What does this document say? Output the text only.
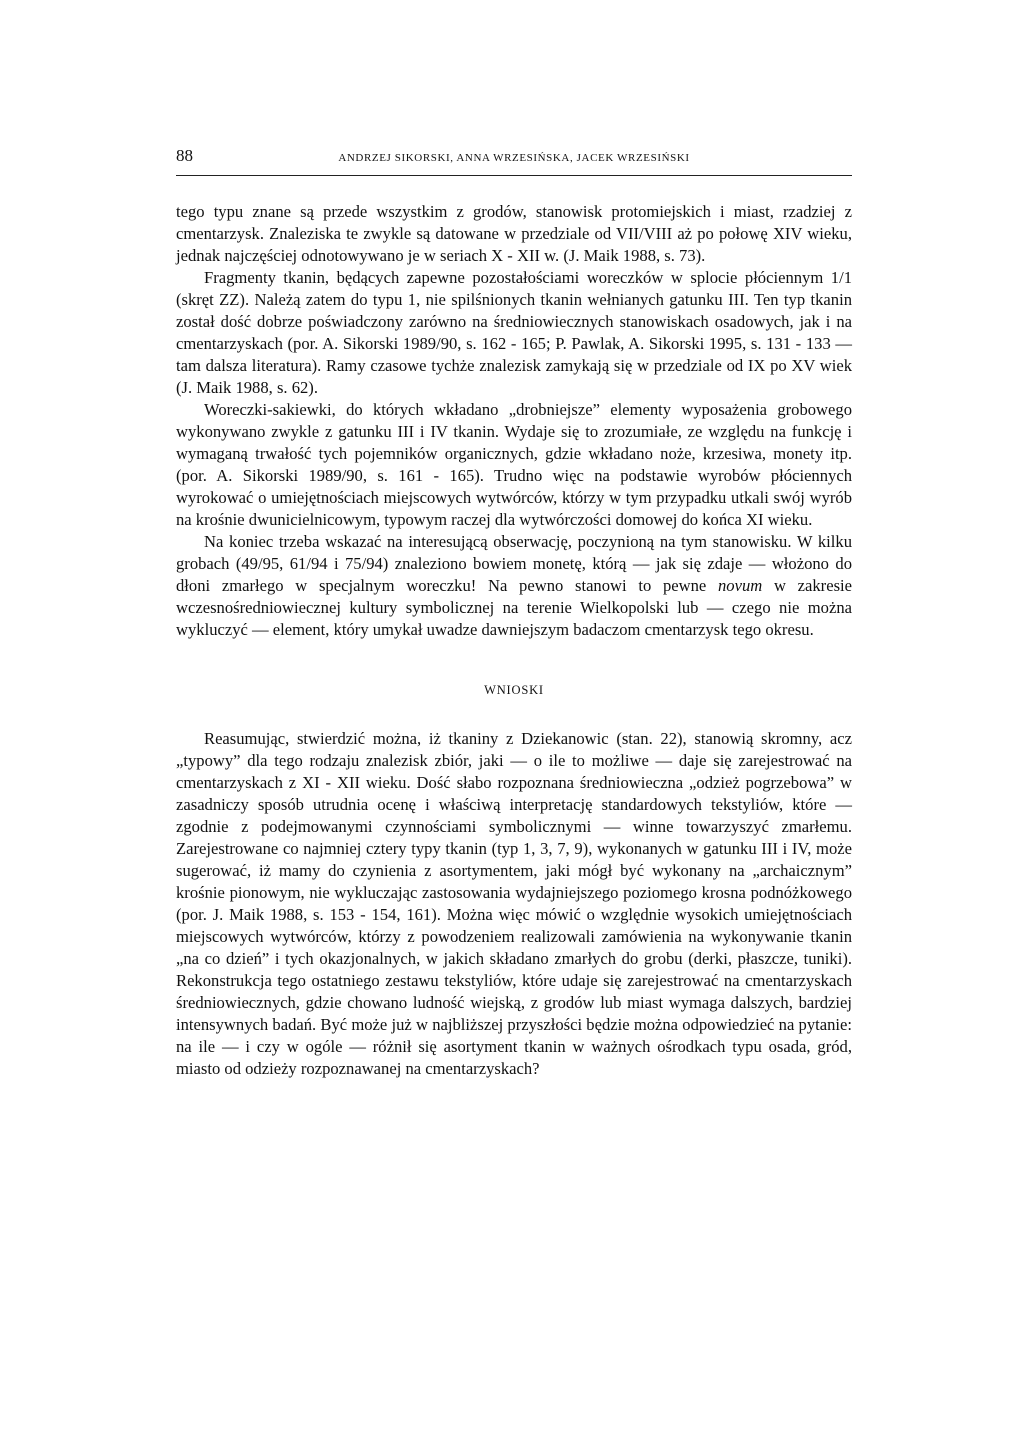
88	ANDRZEJ SIKORSKI, ANNA WRZESIŃSKA, JACEK WRZESIŃSKI

tego typu znane są przede wszystkim z grodów, stanowisk protomiejskich i miast, rzadziej z cmentarzysk. Znaleziska te zwykle są datowane w przedziale od VII/VIII aż po połowę XIV wieku, jednak najczęściej odnotowywano je w seriach X - XII w. (J. Maik 1988, s. 73).

Fragmenty tkanin, będących zapewne pozostałościami woreczków w splocie płóciennym 1/1 (skręt ZZ). Należą zatem do typu 1, nie spilśnionych tkanin wełnianych gatunku III. Ten typ tkanin został dość dobrze poświadczony zarówno na średniowiecznych stanowiskach osadowych, jak i na cmentarzyskach (por. A. Sikorski 1989/90, s. 162 - 165; P. Pawlak, A. Sikorski 1995, s. 131 - 133 — tam dalsza literatura). Ramy czasowe tychże znalezisk zamykają się w przedziale od IX po XV wiek (J. Maik 1988, s. 62).

Woreczki-sakiewki, do których wkładano „drobniejsze” elementy wyposażenia grobowego wykonywano zwykle z gatunku III i IV tkanin. Wydaje się to zrozumiałe, ze względu na funkcję i wymaganą trwałość tych pojemników organicznych, gdzie wkładano noże, krzesiwa, monety itp. (por. A. Sikorski 1989/90, s. 161 - 165). Trudno więc na podstawie wyrobów płóciennych wyrokować o umiejętnościach miejscowych wytwórców, którzy w tym przypadku utkali swój wyrób na krośnie dwunicielnicowym, typowym raczej dla wytwórczości domowej do końca XI wieku.

Na koniec trzeba wskazać na interesującą obserwację, poczynioną na tym stanowisku. W kilku grobach (49/95, 61/94 i 75/94) znaleziono bowiem monetę, którą — jak się zdaje — włożono do dłoni zmarłego w specjalnym woreczku! Na pewno stanowi to pewne novum w zakresie wczesnośredniowiecznej kultury symbolicznej na terenie Wielkopolski lub — czego nie można wykluczyć — element, który umykał uwadze dawniejszym badaczom cmentarzysk tego okresu.

WNIOSKI

Reasumując, stwierdzić można, iż tkaniny z Dziekanowic (stan. 22), stanowią skromny, acz „typowy” dla tego rodzaju znalezisk zbiór, jaki — o ile to możliwe — daje się zarejestrować na cmentarzyskach z XI - XII wieku. Dość słabo rozpoznana średniowieczna „odzież pogrzebowa” w zasadniczy sposób utrudnia ocenę i właściwą interpretację standardowych tekstyliów, które — zgodnie z podejmowanymi czynnościami symbolicznymi — winne towarzyszyć zmarłemu. Zarejestrowane co najmniej cztery typy tkanin (typ 1, 3, 7, 9), wykonanych w gatunku III i IV, może sugerować, iż mamy do czynienia z asortymentem, jaki mógł być wykonany na „archaicznym” krośnie pionowym, nie wykluczając zastosowania wydajniejszego poziomego krosna podnóżkowego (por. J. Maik 1988, s. 153 - 154, 161). Można więc mówić o względnie wysokich umiejętnościach miejscowych wytwórców, którzy z powodzeniem realizowali zamówienia na wykonywanie tkanin „na co dzień” i tych okazjonalnych, w jakich składano zmarłych do grobu (derki, płaszcze, tuniki). Rekonstrukcja tego ostatniego zestawu tekstyliów, które udaje się zarejestrować na cmentarzyskach średniowiecznych, gdzie chowano ludność wiejską, z grodów lub miast wymaga dalszych, bardziej intensywnych badań. Być może już w najbliższej przyszłości będzie można odpowiedzieć na pytanie: na ile — i czy w ogóle — różnił się asortyment tkanin w ważnych ośrodkach typu osada, gród, miasto od odzieży rozpoznawanej na cmentarzyskach?
